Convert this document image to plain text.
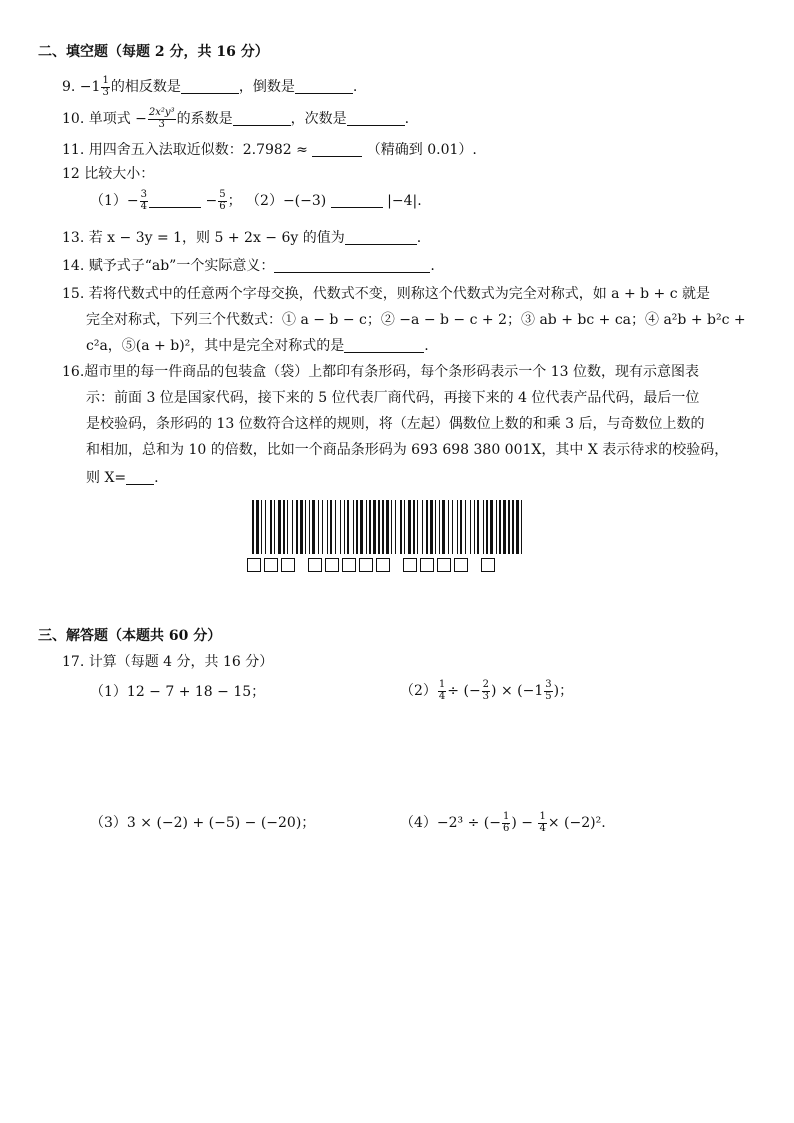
二、填空题（每题 2 分，共 16 分）
9. $-1 \frac{1}{3}$ 的相反数是	，倒数是	.
10. 单项式 − $\frac{\text{2x²y³}}{3}$ 的系数是	，次数是	.
11. 用四舍五入法取近似数：2.7982 ≈	（精确到 0.01）.
12 比较大小：
$(1)- \frac{3}{4}$	− $\frac{5}{6}$ ； （2）−(−3)	|−4|.
13. 若 x − 3y = 1，则 5 + 2x − 6y 的值为	.
14. 赋予式子“ab”一个实际意义：	.
15. 若将代数式中的任意两个字母交换，代数式不变，则称这个代数式为完全对称式，如 a + b + c 就是
完全对称式，下列三个代数式：① a − b − c；② −a − b − c + 2；③ ab + bc + ca；④ a²b + b²c +
c²a，⑤(a + b)²，其中是完全对称式的是	.
16.超市里的每一件商品的包装盒（袋）上都印有条形码，每个条形码表示一个 13 位数，现有示意图表
示：前面 3 位是国家代码，接下来的 5 位代表厂商代码，再接下来的 4 位代表产品代码，最后一位
是校验码，条形码的 13 位数符合这样的规则，将（左起）偶数位上数的和乘 3 后，与奇数位上数的
和相加，总和为 10 的倍数，比如一个商品条形码为 693 698 380 001X，其中 X 表示待求的校验码，
则 X= .
三、解答题（本题共 60 分）
17. 计算（每题 4 分，共 16 分）
（1）12 − 7 + 18 − 15；	$(2) \frac{1}{4}$ ÷ (− $\frac{2}{3}$ ) × ($-1 \frac{3}{5}$ )；
（3）3 × (−2) + (−5) − (−20)；	（4）−2³ ÷ (− $\frac{1}{6}$ ) − $\frac{1}{4} \times (-2)^2$.
